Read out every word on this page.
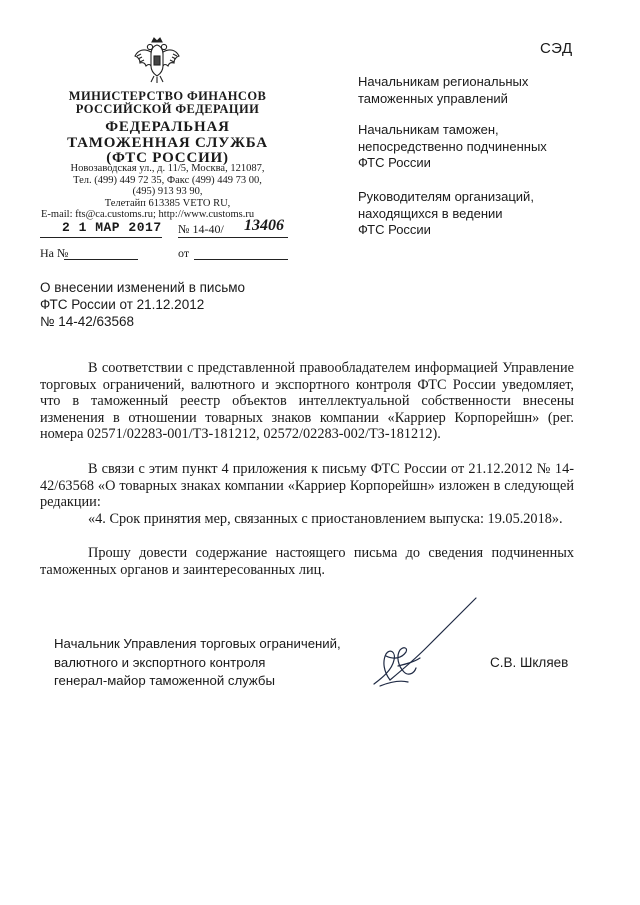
СЭД
МИНИСТЕРСТВО ФИНАНСОВ
РОССИЙСКОЙ ФЕДЕРАЦИИ
ФЕДЕРАЛЬНАЯ
ТАМОЖЕННАЯ СЛУЖБА
(ФТС РОССИИ)
Новозаводская ул., д. 11/5, Москва, 121087,
Тел. (499) 449 72 35, Факс (499) 449 73 00,
(495) 913 93 90,
Телетайп 613385 VETO RU,
E-mail: fts@ca.customs.ru; http://www.customs.ru
2 1 МАР 2017 № 14-40/ 13406
На №	от
Начальникам региональных
таможенных управлений
Начальникам таможен,
непосредственно подчиненных
ФТС России
Руководителям организаций,
находящихся в ведении
ФТС России
О внесении изменений в письмо
ФТС России от 21.12.2012
№ 14-42/63568
В соответствии с представленной правообладателем информацией Управление торговых ограничений, валютного и экспортного контроля ФТС России уведомляет, что в таможенный реестр объектов интеллектуальной собственности внесены изменения в отношении товарных знаков компании «Карриер Корпорейшн» (рег. номера 02571/02283-001/ТЗ-181212, 02572/02283-002/ТЗ-181212).
В связи с этим пункт 4 приложения к письму ФТС России от 21.12.2012 № 14-42/63568 «О товарных знаках компании «Карриер Корпорейшн» изложен в следующей редакции:
«4. Срок принятия мер, связанных с приостановлением выпуска: 19.05.2018».
Прошу довести содержание настоящего письма до сведения подчиненных таможенных органов и заинтересованных лиц.
Начальник Управления торговых ограничений,
валютного и экспортного контроля
генерал-майор таможенной службы
С.В. Шкляев
